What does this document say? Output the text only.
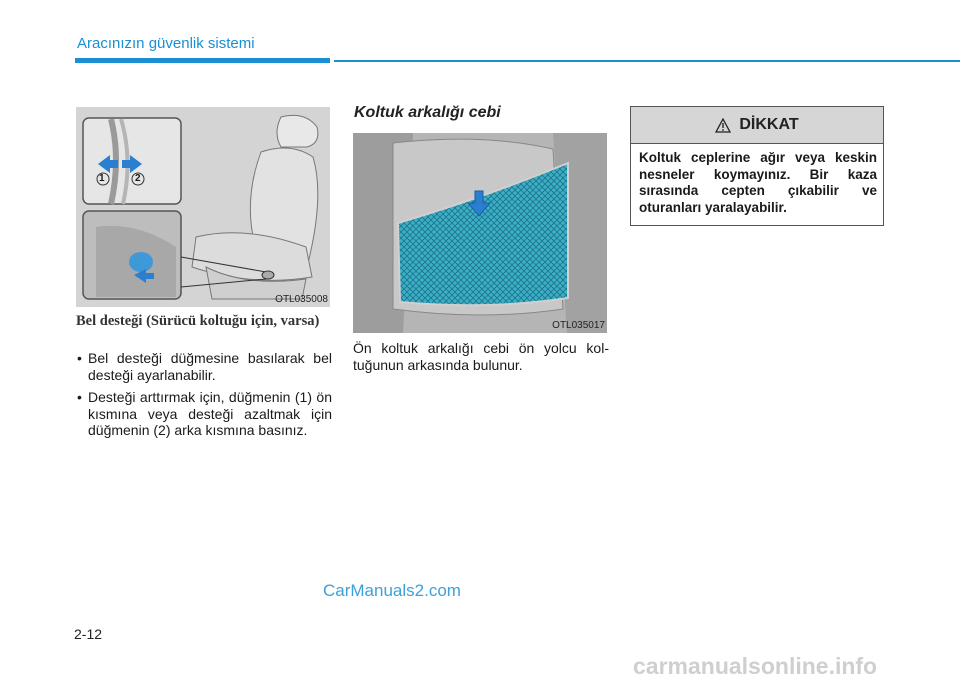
Aracınızın güvenlik sistemi
1	2
OTL035008
Bel desteği (Sürücü koltuğu için, varsa)
• Bel desteği düğmesine basılarak bel desteği ayarlanabilir.
• Desteği arttırmak için, düğmenin (1) ön kısmına veya desteği azaltmak için düğmenin (2) arka kısmına basınız.
Koltuk arkalığı cebi
OTL035017
Ön koltuk arkalığı cebi ön yolcu koltuğunun arkasında bulunur.
DİKKAT
Koltuk ceplerine ağır veya keskin nesneler koymayınız. Bir kaza sırasında cepten çıkabilir ve oturanları yaralayabilir.
CarManuals2.com
2-12
carmanualsonline.info
